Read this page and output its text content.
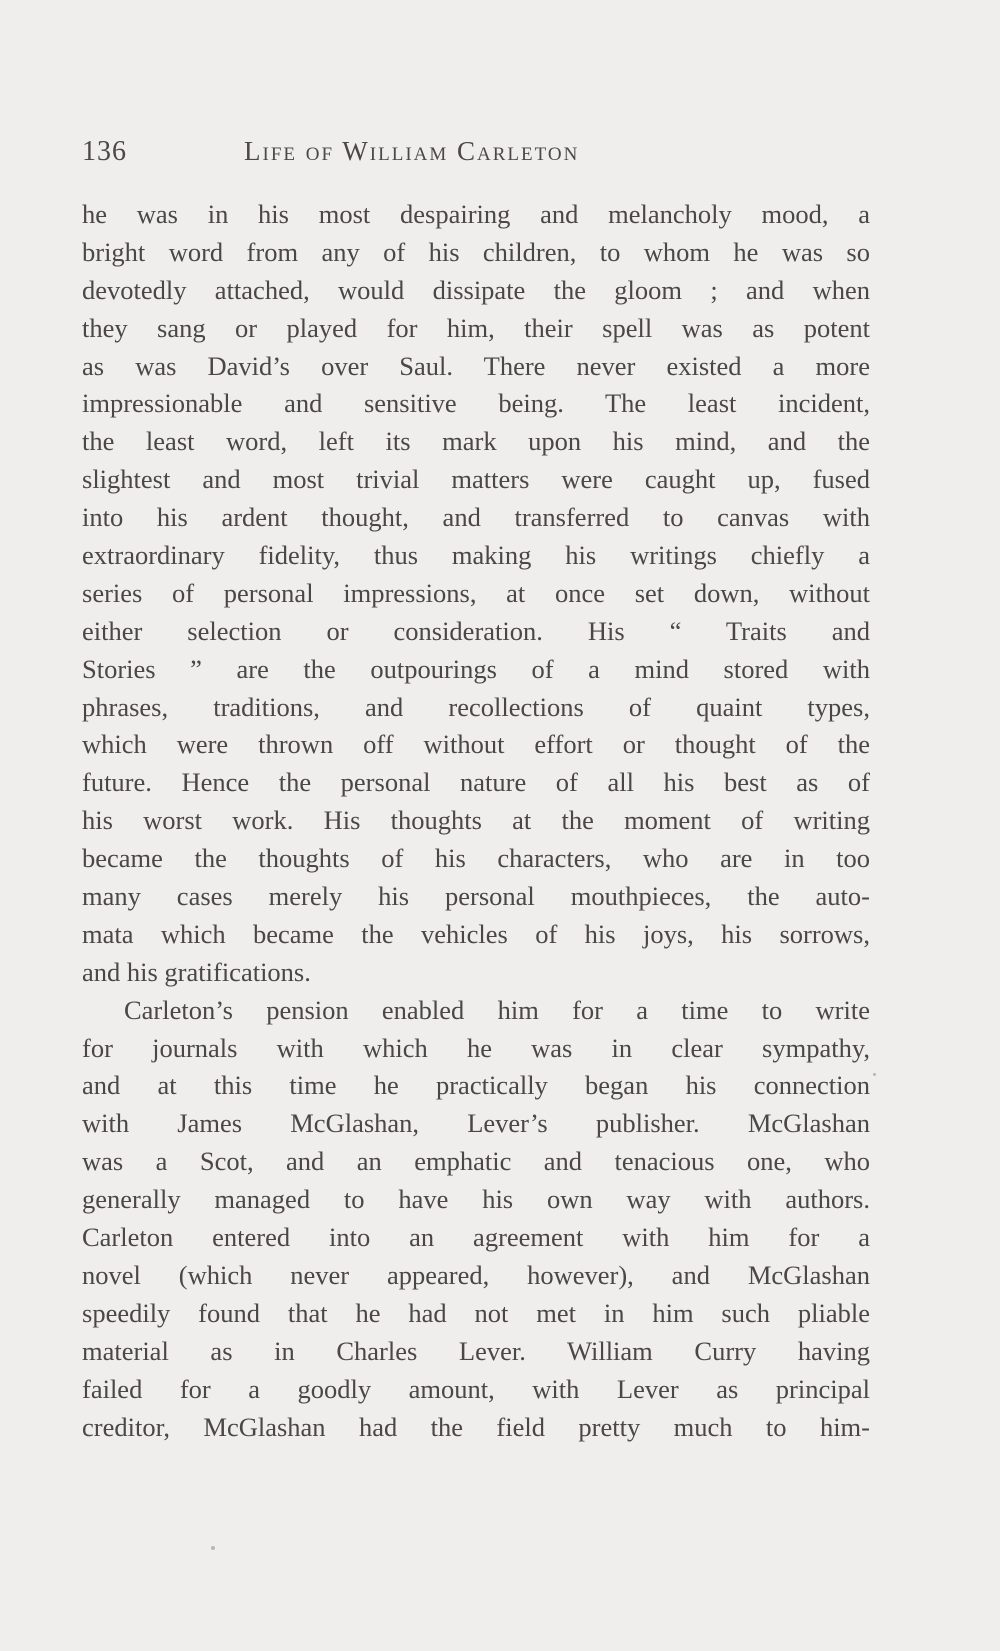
136	Life of William Carleton
he was in his most despairing and melancholy mood, a
bright word from any of his children, to whom he was so
devotedly attached, would dissipate the gloom ; and when
they sang or played for him, their spell was as potent
as was David’s over Saul. There never existed a more
impressionable and sensitive being. The least incident,
the least word, left its mark upon his mind, and the
slightest and most trivial matters were caught up, fused
into his ardent thought, and transferred to canvas with
extraordinary fidelity, thus making his writings chiefly a
series of personal impressions, at once set down, without
either selection or consideration. His “ Traits and
Stories ” are the outpourings of a mind stored with
phrases, traditions, and recollections of quaint types,
which were thrown off without effort or thought of the
future. Hence the personal nature of all his best as of
his worst work. His thoughts at the moment of writing
became the thoughts of his characters, who are in too
many cases merely his personal mouthpieces, the auto-
mata which became the vehicles of his joys, his sorrows,
and his gratifications.
Carleton’s pension enabled him for a time to write
for journals with which he was in clear sympathy,
and at this time he practically began his connection
with James McGlashan, Lever’s publisher. McGlashan
was a Scot, and an emphatic and tenacious one, who
generally managed to have his own way with authors.
Carleton entered into an agreement with him for a
novel (which never appeared, however), and McGlashan
speedily found that he had not met in him such pliable
material as in Charles Lever. William Curry having
failed for a goodly amount, with Lever as principal
creditor, McGlashan had the field pretty much to him-
